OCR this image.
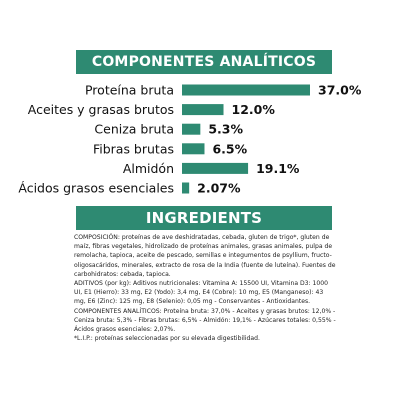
COMPONENTES ANALÍTICOS
Proteína bruta	37.0%
Aceites y grasas brutos	12.0%
Ceniza bruta	5.3%
Fibras brutas	6.5%
Almidón	19.1%
Ácidos grasos esenciales 2.07%
INGREDIENTS

COMPOSICIÓN: proteínas de ave deshidratadas, cebada, gluten de trigo*, gluten de maíz, fibras vegetales, hidrolizado de proteínas animales, grasas animales, pulpa de remolacha, tapioca, aceite de pescado, semillas e integumentos de psyllium, fructo-oligosacáridos, minerales, extracto de rosa de la India (fuente de luteína). Fuentes de carbohidratos: cebada, tapioca.

ADITIVOS (por kg): Aditivos nutricionales: Vitamina A: 15500 UI, Vitamina D3: 1000 UI, E1 (Hierro): 33 mg, E2 (Yodo): 3,4 mg, E4 (Cobre): 10 mg, E5 (Manganeso): 43 mg, E6 (Zinc): 125 mg, E8 (Selenio): 0,05 mg - Conservantes - Antioxidantes.

COMPONENTES ANALÍTICOS: Proteína bruta: 37,0% - Aceites y grasas brutos: 12,0% - Ceniza bruta: 5,3% - Fibras brutas: 6,5% - Almidón: 19,1% - Azúcares totales: 0,55% - Ácidos grasos esenciales: 2,07%.

*L.I.P.: proteínas seleccionadas por su elevada digestibilidad.
